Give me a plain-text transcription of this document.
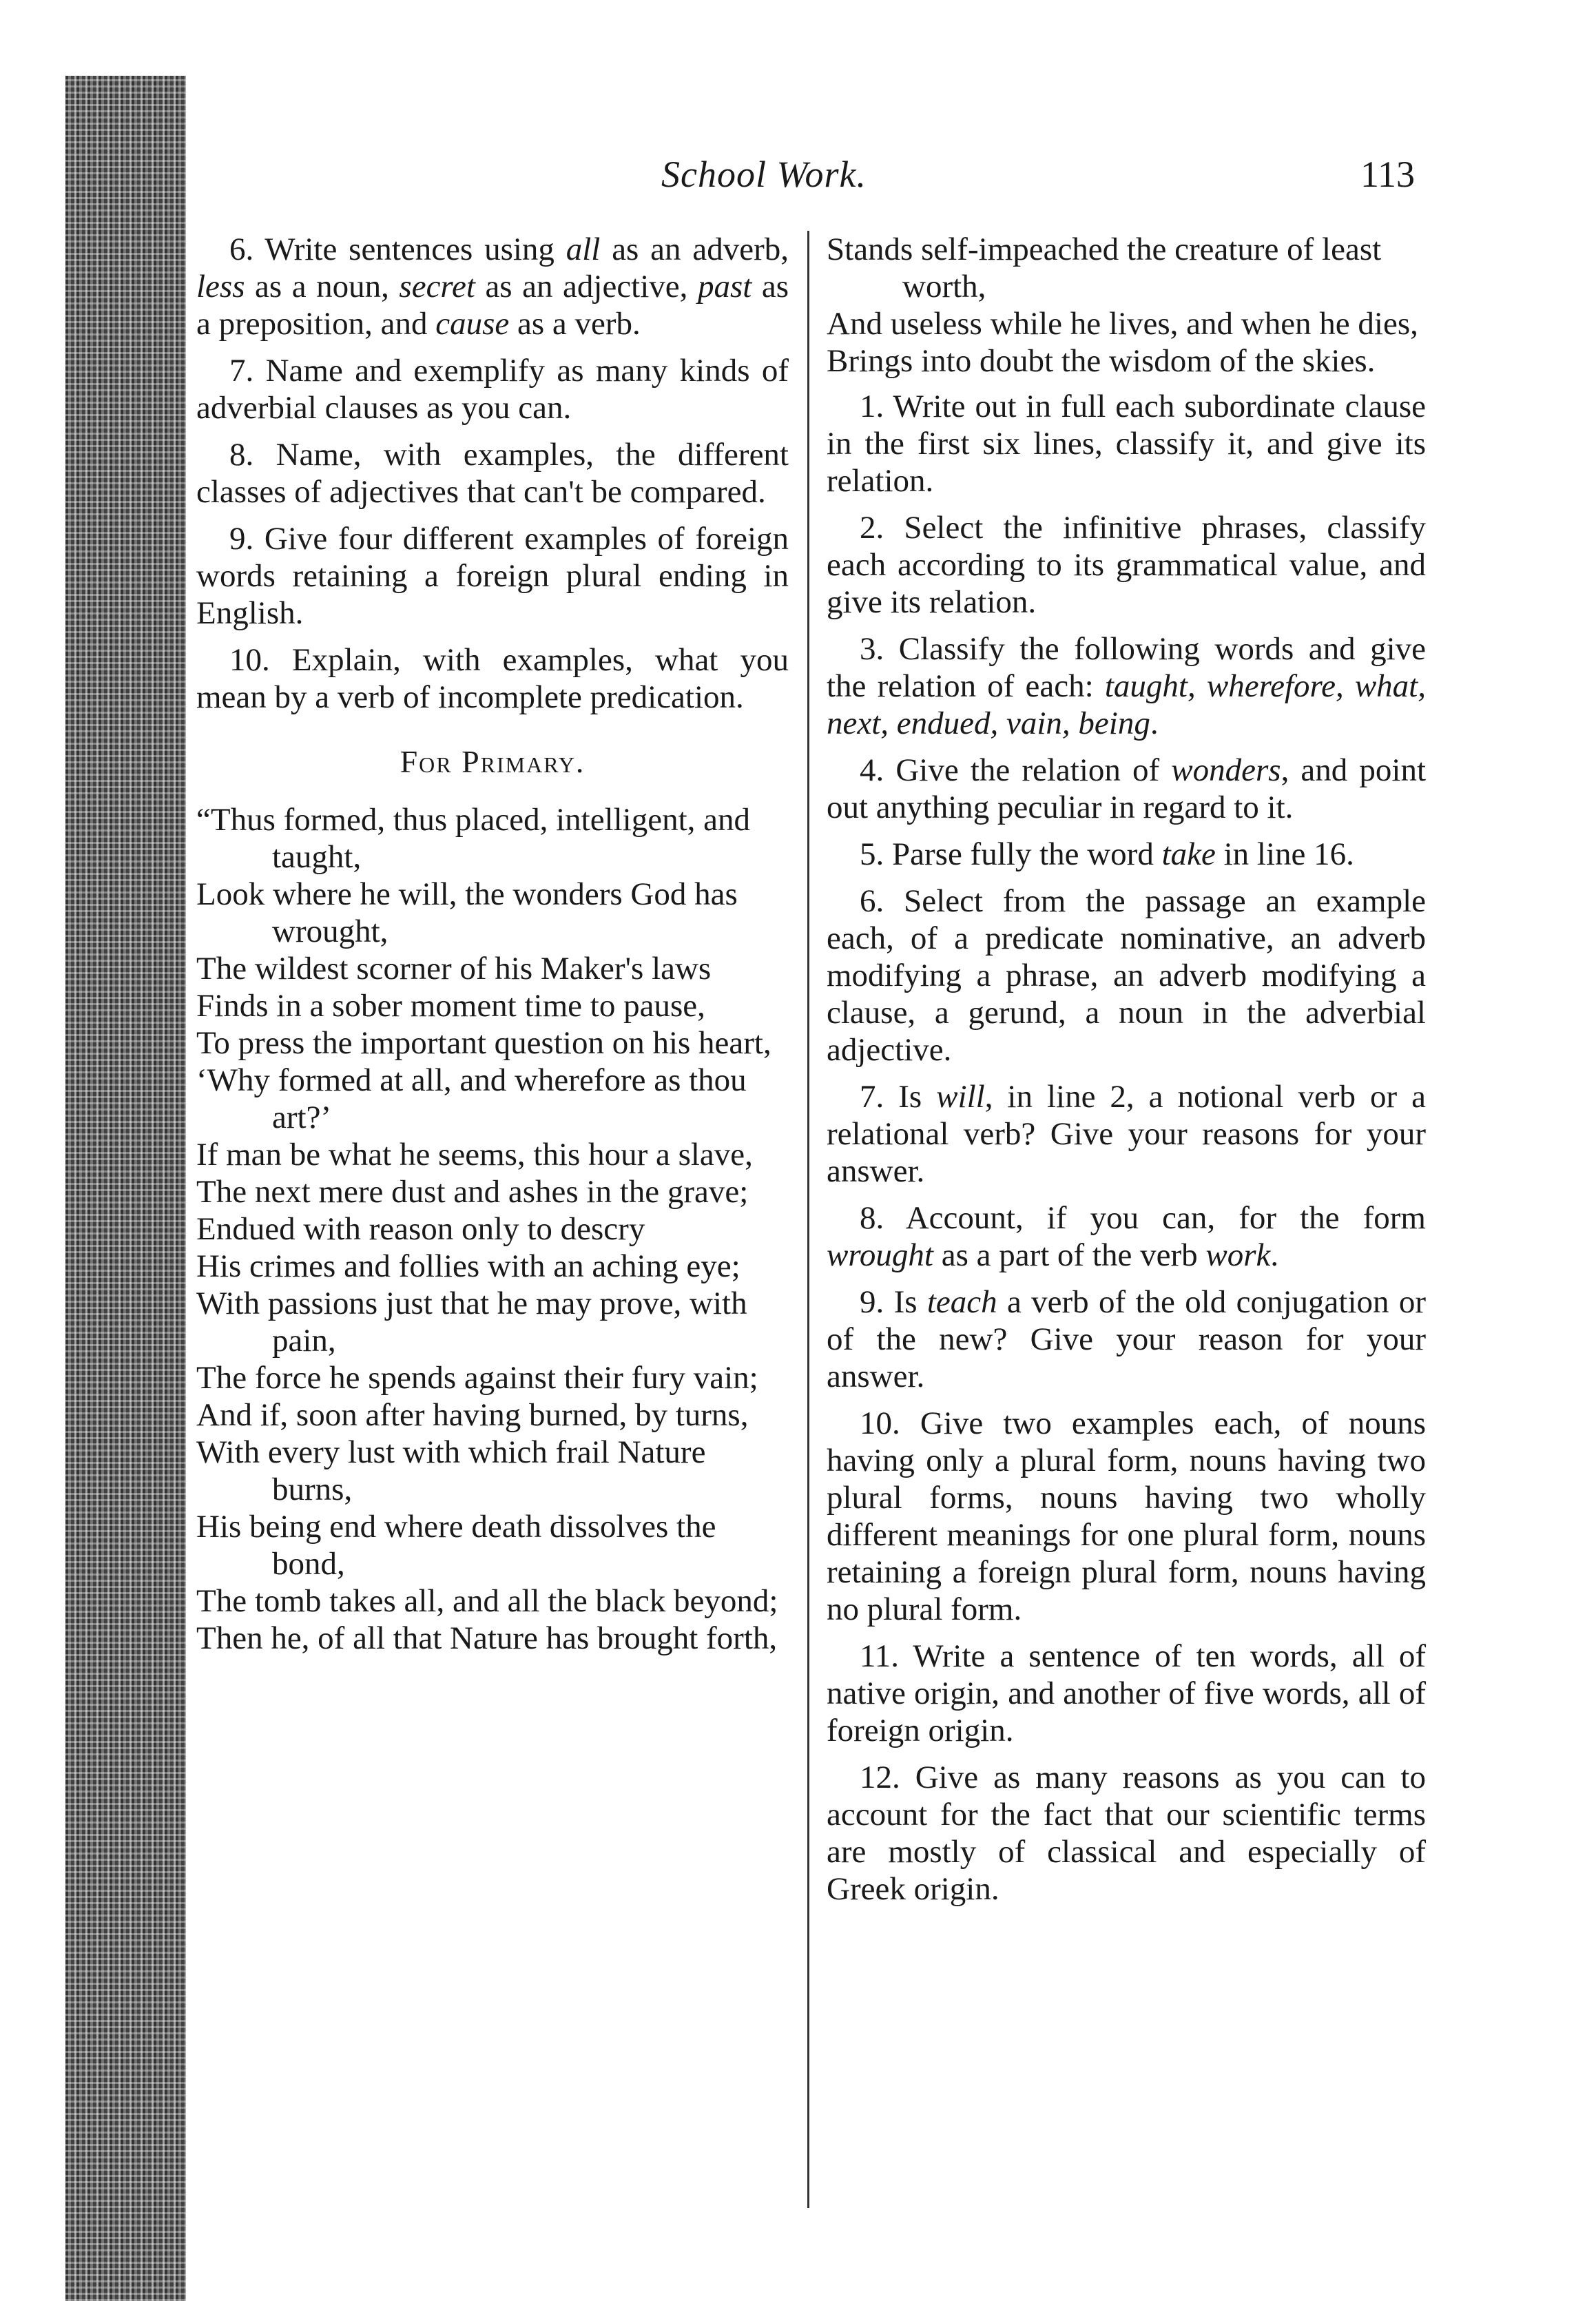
School Work.	113

6. Write sentences using all as an adverb, less as a noun, secret as an adjective, past as a preposition, and cause as a verb.

7. Name and exemplify as many kinds of adverbial clauses as you can.

8. Name, with examples, the different classes of adjectives that can't be compared.

9. Give four different examples of foreign words retaining a foreign plural ending in English.

10. Explain, with examples, what you mean by a verb of incomplete predication.

For Primary.

“Thus formed, thus placed, intelligent, and taught,

Look where he will, the wonders God has wrought,

The wildest scorner of his Maker's laws

Finds in a sober moment time to pause,

To press the important question on his heart,

‘Why formed at all, and wherefore as thou art?’

If man be what he seems, this hour a slave,

The next mere dust and ashes in the grave;

Endued with reason only to descry

His crimes and follies with an aching eye;

With passions just that he may prove, with pain,

The force he spends against their fury vain;

And if, soon after having burned, by turns,

With every lust with which frail Nature burns,

His being end where death dissolves the bond,

The tomb takes all, and all the black beyond;

Then he, of all that Nature has brought forth,

Stands self-impeached the creature of least worth,

And useless while he lives, and when he dies,

Brings into doubt the wisdom of the skies.

1. Write out in full each subordinate clause in the first six lines, classify it, and give its relation.

2. Select the infinitive phrases, classify each according to its grammatical value, and give its relation.

3. Classify the following words and give the relation of each: taught, wherefore, what, next, endued, vain, being.

4. Give the relation of wonders, and point out anything peculiar in regard to it.

5. Parse fully the word take in line 16.

6. Select from the passage an example each, of a predicate nominative, an adverb modifying a phrase, an adverb modifying a clause, a gerund, a noun in the adverbial adjective.

7. Is will, in line 2, a notional verb or a relational verb? Give your reasons for your answer.

8. Account, if you can, for the form wrought as a part of the verb work.

9. Is teach a verb of the old conjugation or of the new? Give your reason for your answer.

10. Give two examples each, of nouns having only a plural form, nouns having two plural forms, nouns having two wholly different meanings for one plural form, nouns retaining a foreign plural form, nouns having no plural form.

11. Write a sentence of ten words, all of native origin, and another of five words, all of foreign origin.

12. Give as many reasons as you can to account for the fact that our scientific terms are mostly of classical and especially of Greek origin.
